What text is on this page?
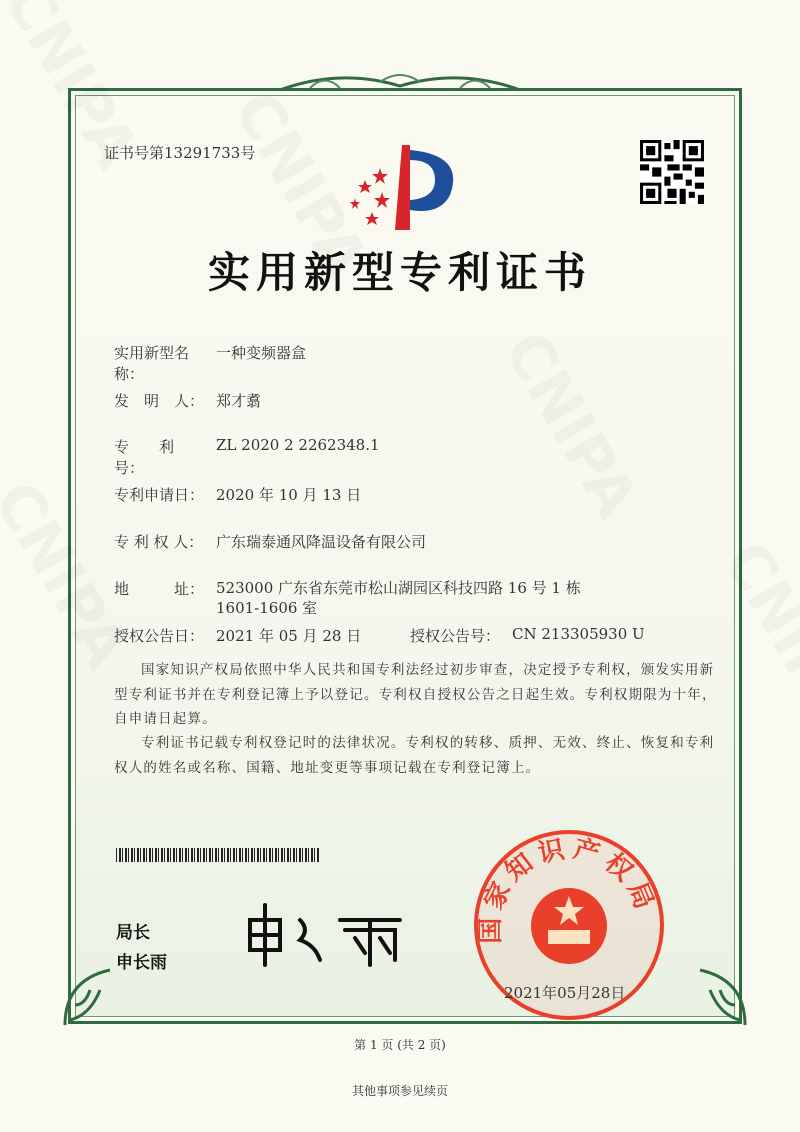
证书号第13291733号
实用新型专利证书
实用新型名称：一种变频器盒
发　明　人： 郑才翥
专　　利　号：ZL 2020 2 2262348.1
专利申请日： 2020 年 10 月 13 日
专 利 权 人： 广东瑞泰通风降温设备有限公司
地　　　址： 523000 广东省东莞市松山湖园区科技四路 16 号 1 栋 1601-1606 室
授权公告日： 2021 年 05 月 28 日	授权公告号： CN 213305930 U
国家知识产权局依照中华人民共和国专利法经过初步审查，决定授予专利权，颁发实用新型专利证书并在专利登记簿上予以登记。专利权自授权公告之日起生效。专利权期限为十年，自申请日起算。
专利证书记载专利权登记时的法律状况。专利权的转移、质押、无效、终止、恢复和专利权人的姓名或名称、国籍、地址变更等事项记载在专利登记簿上。
局长
申长雨
国家知识产权局
2021年05月28日
第 1 页 (共 2 页)
其他事项参见续页
